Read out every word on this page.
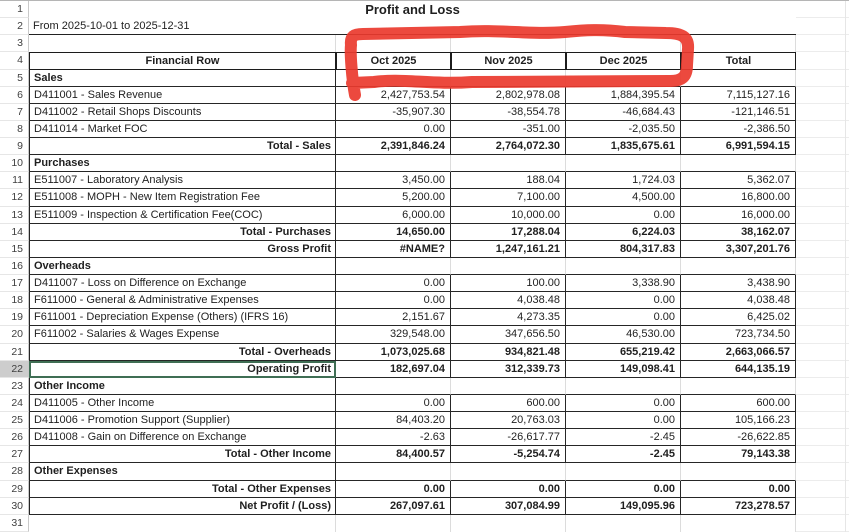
1	Profit and Loss
2 From 2025-10-01 to 2025-12-31
3
4	Financial Row	Oct 2025	Nov 2025	Dec 2025	Total
5	Sales
6	D411001 - Sales Revenue	2,427,753.54	2,802,978.08	1,884,395.54	7,115,127.16
7	D411002 - Retail Shops Discounts	-35,907.30	-38,554.78	-46,684.43	-121,146.51
8	D411014 - Market FOC	0.00	-351.00	-2,035.50	-2,386.50
9	Total - Sales	2,391,846.24	2,764,072.30	1,835,675.61	6,991,594.15
10	Purchases
11	E511007 - Laboratory Analysis	3,450.00	188.04	1,724.03	5,362.07
12	E511008 - MOPH - New Item Registration Fee	5,200.00	7,100.00	4,500.00	16,800.00
13	E511009 - Inspection & Certification Fee(COC)	6,000.00	10,000.00	0.00	16,000.00
14	Total - Purchases	14,650.00	17,288.04	6,224.03	38,162.07
15	Gross Profit	#NAME?	1,247,161.21	804,317.83	3,307,201.76
16	Overheads
17	D411007 - Loss on Difference on Exchange	0.00	100.00	3,338.90	3,438.90
18	F611000 - General & Administrative Expenses	0.00	4,038.48	0.00	4,038.48
19	F611001 - Depreciation Expense (Others) (IFRS 16)	2,151.67	4,273.35	0.00	6,425.02
20	F611002 - Salaries & Wages Expense	329,548.00	347,656.50	46,530.00	723,734.50
21	Total - Overheads	1,073,025.68	934,821.48	655,219.42	2,663,066.57
22	Operating Profit	182,697.04	312,339.73	149,098.41	644,135.19
23	Other Income
24	D411005 - Other Income	0.00	600.00	0.00	600.00
25	D411006 - Promotion Support (Supplier)	84,403.20	20,763.03	0.00	105,166.23
26	D411008 - Gain on Difference on Exchange	-2.63	-26,617.77	-2.45	-26,622.85
27	Total - Other Income	84,400.57	-5,254.74	-2.45	79,143.38
28	Other Expenses
29	Total - Other Expenses	0.00	0.00	0.00	0.00
30	Net Profit / (Loss)	267,097.61	307,084.99	149,095.96	723,278.57
31
